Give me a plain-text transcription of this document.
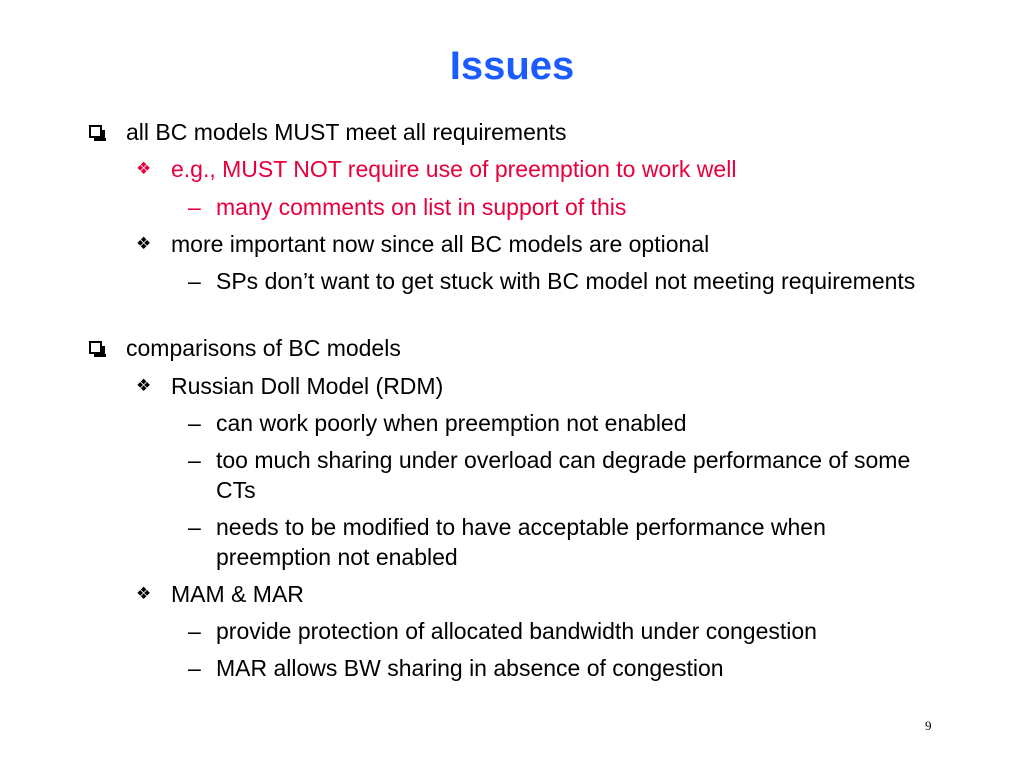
Issues
all BC models MUST meet all requirements
❖ e.g., MUST NOT require use of preemption to work well
– many comments on list in support of this
❖ more important now since all BC models are optional
– SPs don’t want to get stuck with BC model not meeting requirements
comparisons of BC models
❖ Russian Doll Model (RDM)
– can work poorly when preemption not enabled
– too much sharing under overload can degrade performance of some CTs
– needs to be modified to have acceptable performance when preemption not enabled
❖ MAM & MAR
– provide protection of allocated bandwidth under congestion
– MAR allows BW sharing in absence of congestion
9
